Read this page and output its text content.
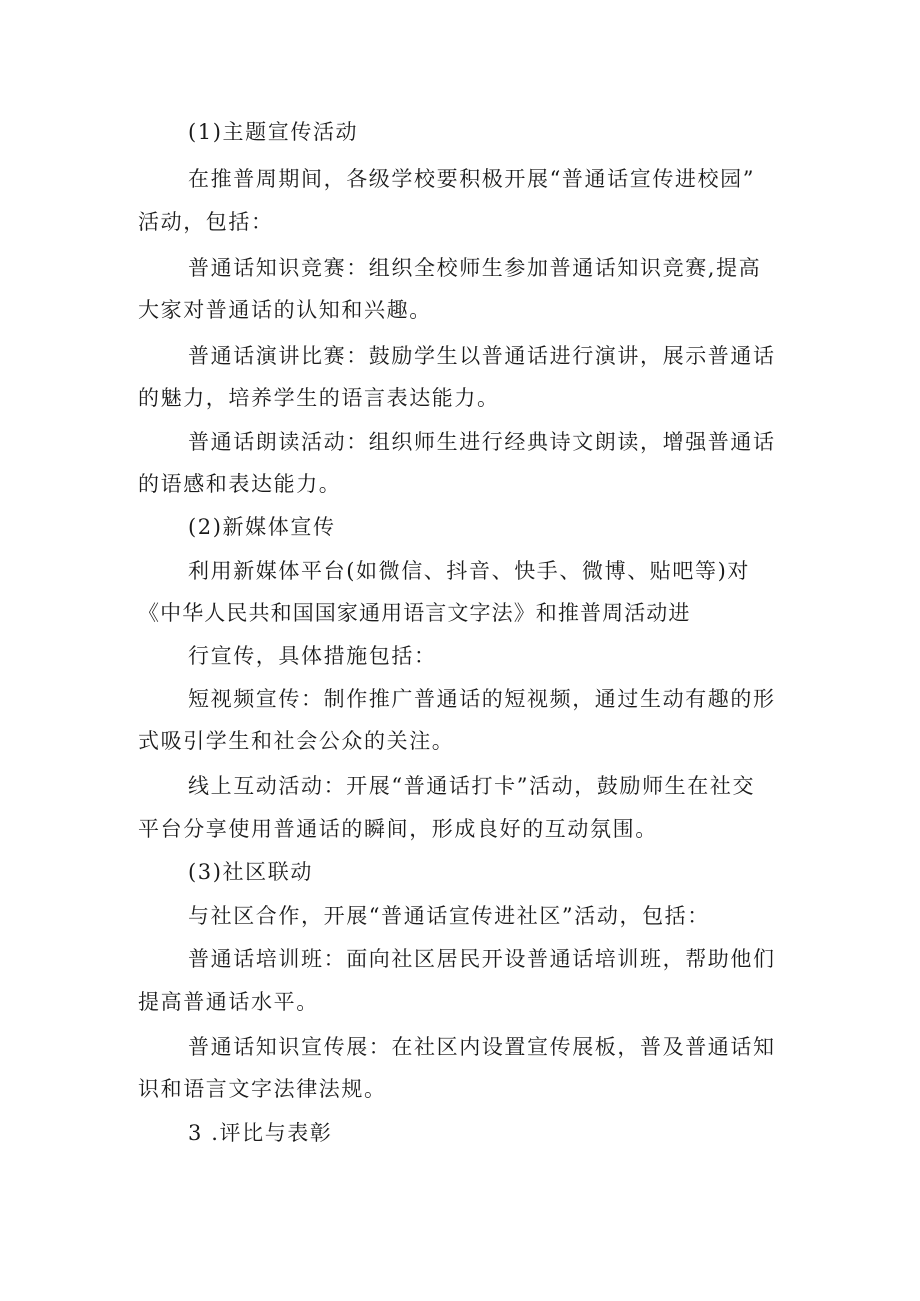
(1)主题宣传活动
在推普周期间，各级学校要积极开展“普通话宣传进校园”
活动，包括：
普通话知识竞赛：组织全校师生参加普通话知识竞赛,提高
大家对普通话的认知和兴趣。
普通话演讲比赛：鼓励学生以普通话进行演讲，展示普通话
的魅力，培养学生的语言表达能力。
普通话朗读活动：组织师生进行经典诗文朗读，增强普通话
的语感和表达能力。
(2)新媒体宣传
利用新媒体平台(如微信、抖音、快手、微博、贴吧等)对
《中华人民共和国国家通用语言文字法》和推普周活动进
行宣传，具体措施包括：
短视频宣传：制作推广普通话的短视频，通过生动有趣的形
式吸引学生和社会公众的关注。
线上互动活动：开展“普通话打卡”活动，鼓励师生在社交
平台分享使用普通话的瞬间，形成良好的互动氛围。
(3)社区联动
与社区合作，开展“普通话宣传进社区”活动，包括：
普通话培训班：面向社区居民开设普通话培训班，帮助他们
提高普通话水平。
普通话知识宣传展：在社区内设置宣传展板，普及普通话知
识和语言文字法律法规。
3 .评比与表彰
